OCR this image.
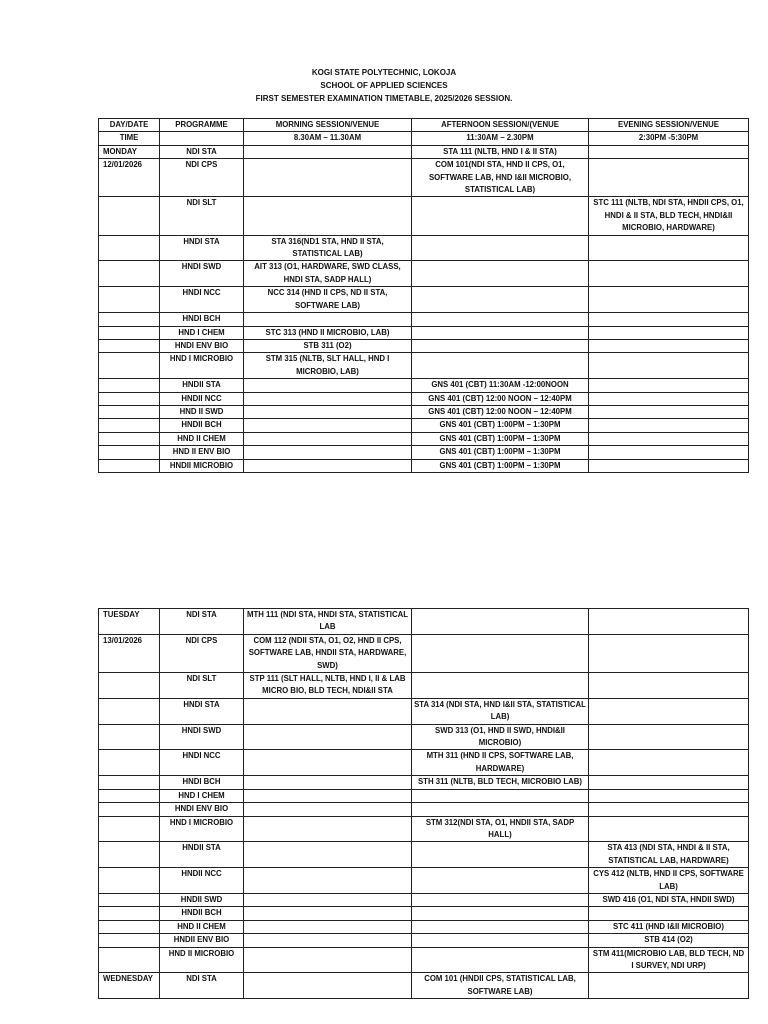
KOGI STATE POLYTECHNIC, LOKOJA
SCHOOL OF APPLIED SCIENCES
FIRST SEMESTER EXAMINATION TIMETABLE, 2025/2026 SESSION.
DAY/DATE	PROGRAMME	MORNING SESSION/VENUE	AFTERNOON SESSION/(VENUE	EVENING SESSION/VENUE
TIME		8.30AM – 11.30AM	11:30AM – 2.30PM	2:30PM -5:30PM
MONDAY	NDI STA		STA 111 (NLTB, HND I & II STA)	
12/01/2026	NDI CPS		COM 101(NDI STA, HND II CPS, O1, SOFTWARE LAB, HND I&II MICROBIO, STATISTICAL LAB)	
	NDI SLT			STC 111 (NLTB, NDI STA, HNDII CPS, O1, HNDI & II STA, BLD TECH, HNDI&II MICROBIO, HARDWARE)
	HNDI STA	STA 316(ND1 STA, HND II STA, STATISTICAL LAB)		
	HNDI SWD	AIT 313 (O1, HARDWARE, SWD CLASS, HNDI STA, SADP HALL)		
	HNDI NCC	NCC 314 (HND II CPS, ND II STA, SOFTWARE LAB)		
	HNDI BCH			
	HND I CHEM	STC 313 (HND II MICROBIO, LAB)		
	HNDI ENV BIO	STB 311 (O2)		
	HND I MICROBIO	STM 315 (NLTB, SLT HALL, HND I MICROBIO, LAB)		
	HNDII STA		GNS 401 (CBT) 11:30AM -12:00NOON	
	HNDII NCC		GNS 401 (CBT) 12:00 NOON – 12:40PM	
	HND II SWD		GNS 401 (CBT) 12:00 NOON – 12:40PM	
	HNDII BCH		GNS 401 (CBT) 1:00PM – 1:30PM	
	HND II CHEM		GNS 401 (CBT) 1:00PM – 1:30PM	
	HND II ENV BIO		GNS 401 (CBT) 1:00PM – 1:30PM	
	HNDII MICROBIO		GNS 401 (CBT) 1:00PM – 1:30PM	
TUESDAY	NDI STA	MTH 111 (NDI STA, HNDI STA, STATISTICAL LAB		
13/01/2026	NDI CPS	COM 112 (NDII STA, O1, O2, HND II CPS, SOFTWARE LAB, HNDII STA, HARDWARE, SWD)		
	NDI SLT	STP 111 (SLT HALL, NLTB, HND I, II & LAB MICRO BIO, BLD TECH, NDI&II STA		
	HNDI STA		STA 314 (NDI STA, HND I&II STA, STATISTICAL LAB)	
	HNDI SWD		SWD 313 (O1, HND II SWD, HNDI&II MICROBIO)	
	HNDI NCC		MTH 311 (HND II CPS, SOFTWARE LAB, HARDWARE)	
	HNDI BCH		STH 311 (NLTB, BLD TECH, MICROBIO LAB)	
	HND I CHEM			
	HNDI ENV BIO			
	HND I MICROBIO		STM 312(NDI STA, O1, HNDII STA, SADP HALL)	
	HNDII STA			STA 413 (NDI STA, HNDI & II STA, STATISTICAL LAB, HARDWARE)
	HNDII NCC			CYS 412 (NLTB, HND II CPS, SOFTWARE LAB)
	HNDII SWD			SWD 416 (O1, NDI STA, HNDII SWD)
	HNDII BCH			
	HND II CHEM			STC 411 (HND I&II MICROBIO)
	HNDII ENV BIO			STB 414 (O2)
	HND II MICROBIO			STM 411(MICROBIO LAB, BLD TECH, ND I SURVEY, NDI URP)
WEDNESDAY	NDI STA		COM 101 (HNDII CPS, STATISTICAL LAB, SOFTWARE LAB)	
